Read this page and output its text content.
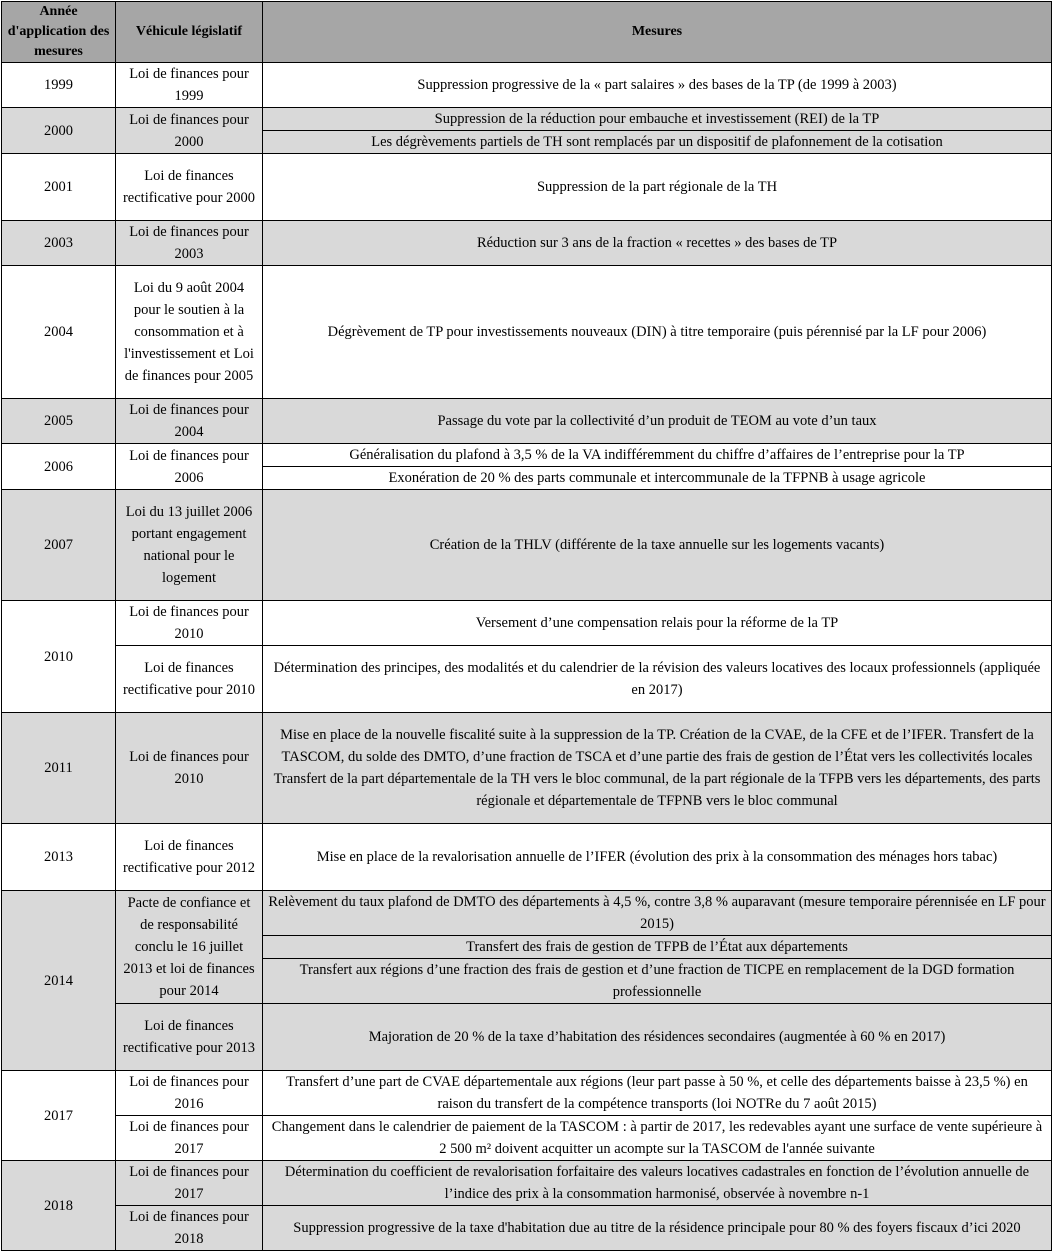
Année d'application des mesures	Véhicule législatif	Mesures
1999	Loi de finances pour 1999	Suppression progressive de la « part salaires » des bases de la TP (de 1999 à 2003)
2000	Loi de finances pour 2000	Suppression de la réduction pour embauche et investissement (REI) de la TP
		Les dégrèvements partiels de TH sont remplacés par un dispositif de plafonnement de la cotisation
2001	Loi de finances rectificative pour 2000	Suppression de la part régionale de la TH
2003	Loi de finances pour 2003	Réduction sur 3 ans de la fraction « recettes » des bases de TP
2004	Loi du 9 août 2004 pour le soutien à la consommation et à l'investissement et Loi de finances pour 2005	Dégrèvement de TP pour investissements nouveaux (DIN) à titre temporaire (puis pérennisé par la LF pour 2006)
2005	Loi de finances pour 2004	Passage du vote par la collectivité d’un produit de TEOM au vote d’un taux
2006	Loi de finances pour 2006	Généralisation du plafond à 3,5 % de la VA indifféremment du chiffre d’affaires de l’entreprise pour la TP
		Exonération de 20 % des parts communale et intercommunale de la TFPNB à usage agricole
2007	Loi du 13 juillet 2006 portant engagement national pour le logement	Création de la THLV (différente de la taxe annuelle sur les logements vacants)
2010	Loi de finances pour 2010	Versement d’une compensation relais pour la réforme de la TP
	Loi de finances rectificative pour 2010	Détermination des principes, des modalités et du calendrier de la révision des valeurs locatives des locaux professionnels (appliquée en 2017)
2011	Loi de finances pour 2010	Mise en place de la nouvelle fiscalité suite à la suppression de la TP. Création de la CVAE, de la CFE et de l’IFER. Transfert de la TASCOM, du solde des DMTO, d’une fraction de TSCA et d’une partie des frais de gestion de l’État vers les collectivités locales Transfert de la part départementale de la TH vers le bloc communal, de la part régionale de la TFPB vers les départements, des parts régionale et départementale de TFPNB vers le bloc communal
2013	Loi de finances rectificative pour 2012	Mise en place de la revalorisation annuelle de l’IFER (évolution des prix à la consommation des ménages hors tabac)
2014	Pacte de confiance et de responsabilité conclu le 16 juillet 2013 et loi de finances pour 2014	Relèvement du taux plafond de DMTO des départements à 4,5 %, contre 3,8 % auparavant (mesure temporaire pérennisée en LF pour 2015)
		Transfert des frais de gestion de TFPB de l’État aux départements
		Transfert aux régions d’une fraction des frais de gestion et d’une fraction de TICPE en remplacement de la DGD formation professionnelle
	Loi de finances rectificative pour 2013	Majoration de 20 % de la taxe d’habitation des résidences secondaires (augmentée à 60 % en 2017)
2017	Loi de finances pour 2016	Transfert d’une part de CVAE départementale aux régions (leur part passe à 50 %, et celle des départements baisse à 23,5 %) en raison du transfert de la compétence transports (loi NOTRe du 7 août 2015)
	Loi de finances pour 2017	Changement dans le calendrier de paiement de la TASCOM : à partir de 2017, les redevables ayant une surface de vente supérieure à 2 500 m² doivent acquitter un acompte sur la TASCOM de l'année suivante
2018	Loi de finances pour 2017	Détermination du coefficient de revalorisation forfaitaire des valeurs locatives cadastrales en fonction de l’évolution annuelle de l’indice des prix à la consommation harmonisé, observée à novembre n-1
	Loi de finances pour 2018	Suppression progressive de la taxe d'habitation due au titre de la résidence principale pour 80 % des foyers fiscaux d’ici 2020
